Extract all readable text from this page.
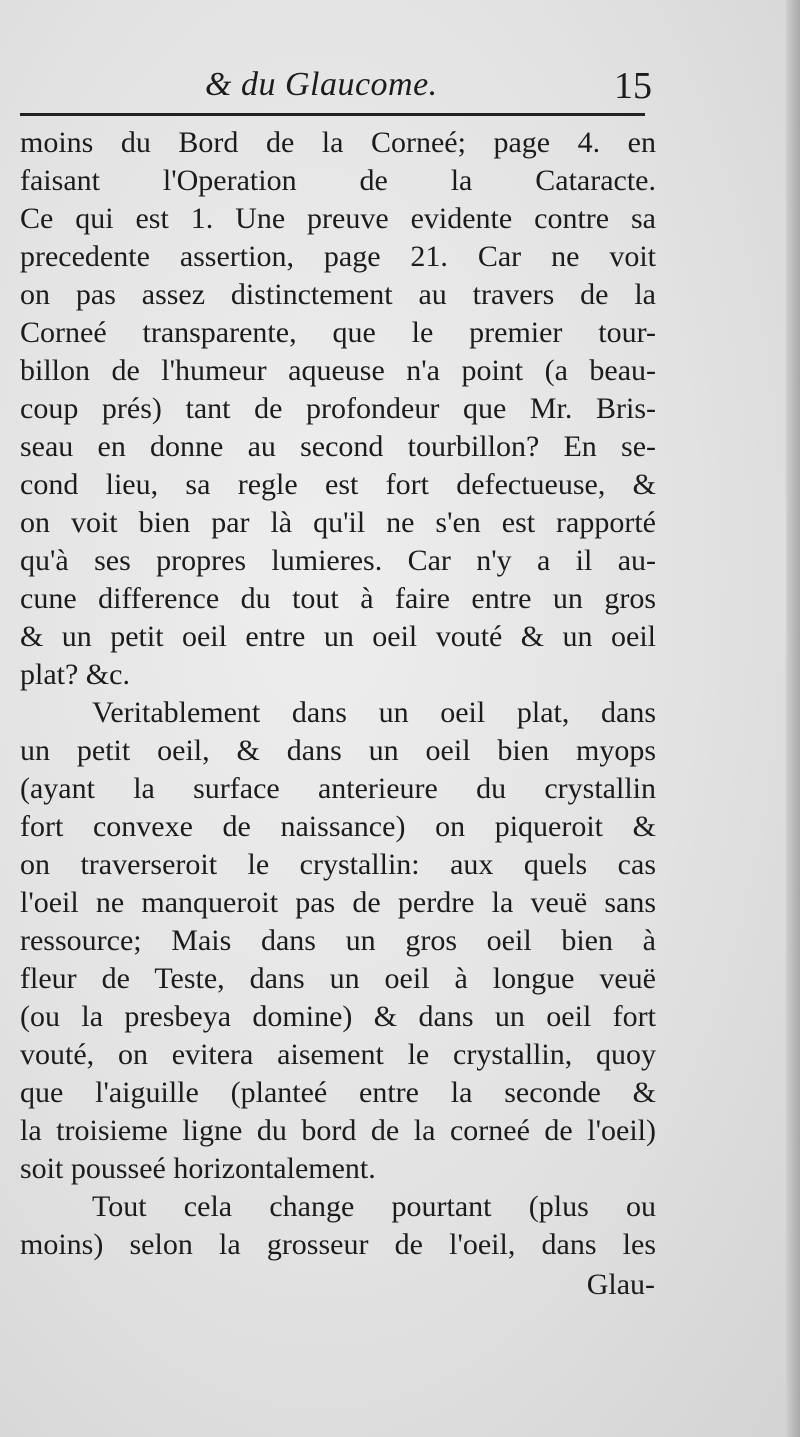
& du Glaucome.	15
moins du Bord de la Corneé; page 4. en
faisant l'Operation de la Cataracte.
Ce qui est 1. Une preuve evidente contre sa
precedente assertion, page 21. Car ne voit
on pas assez distinctement au travers de la
Corneé transparente, que le premier tour-
billon de l'humeur aqueuse n'a point (a beau-
coup prés) tant de profondeur que Mr. Bris-
seau en donne au second tourbillon? En se-
cond lieu, sa regle est fort defectueuse, &
on voit bien par là qu'il ne s'en est rapporté
qu'à ses propres lumieres. Car n'y a il au-
cune difference du tout à faire entre un gros
& un petit oeil entre un oeil vouté & un oeil
plat? &c.
Veritablement dans un oeil plat, dans
un petit oeil, & dans un oeil bien myops
(ayant la surface anterieure du crystallin
fort convexe de naissance) on piqueroit &
on traverseroit le crystallin: aux quels cas
l'oeil ne manqueroit pas de perdre la veuë sans
ressource; Mais dans un gros oeil bien à
fleur de Teste, dans un oeil à longue veuë
(ou la presbeya domine) & dans un oeil fort
vouté, on evitera aisement le crystallin, quoy
que l'aiguille (planteé entre la seconde &
la troisieme ligne du bord de la corneé de l'oeil)
soit pousseé horizontalement.
Tout cela change pourtant (plus ou
moins) selon la grosseur de l'oeil, dans les
Glau-
